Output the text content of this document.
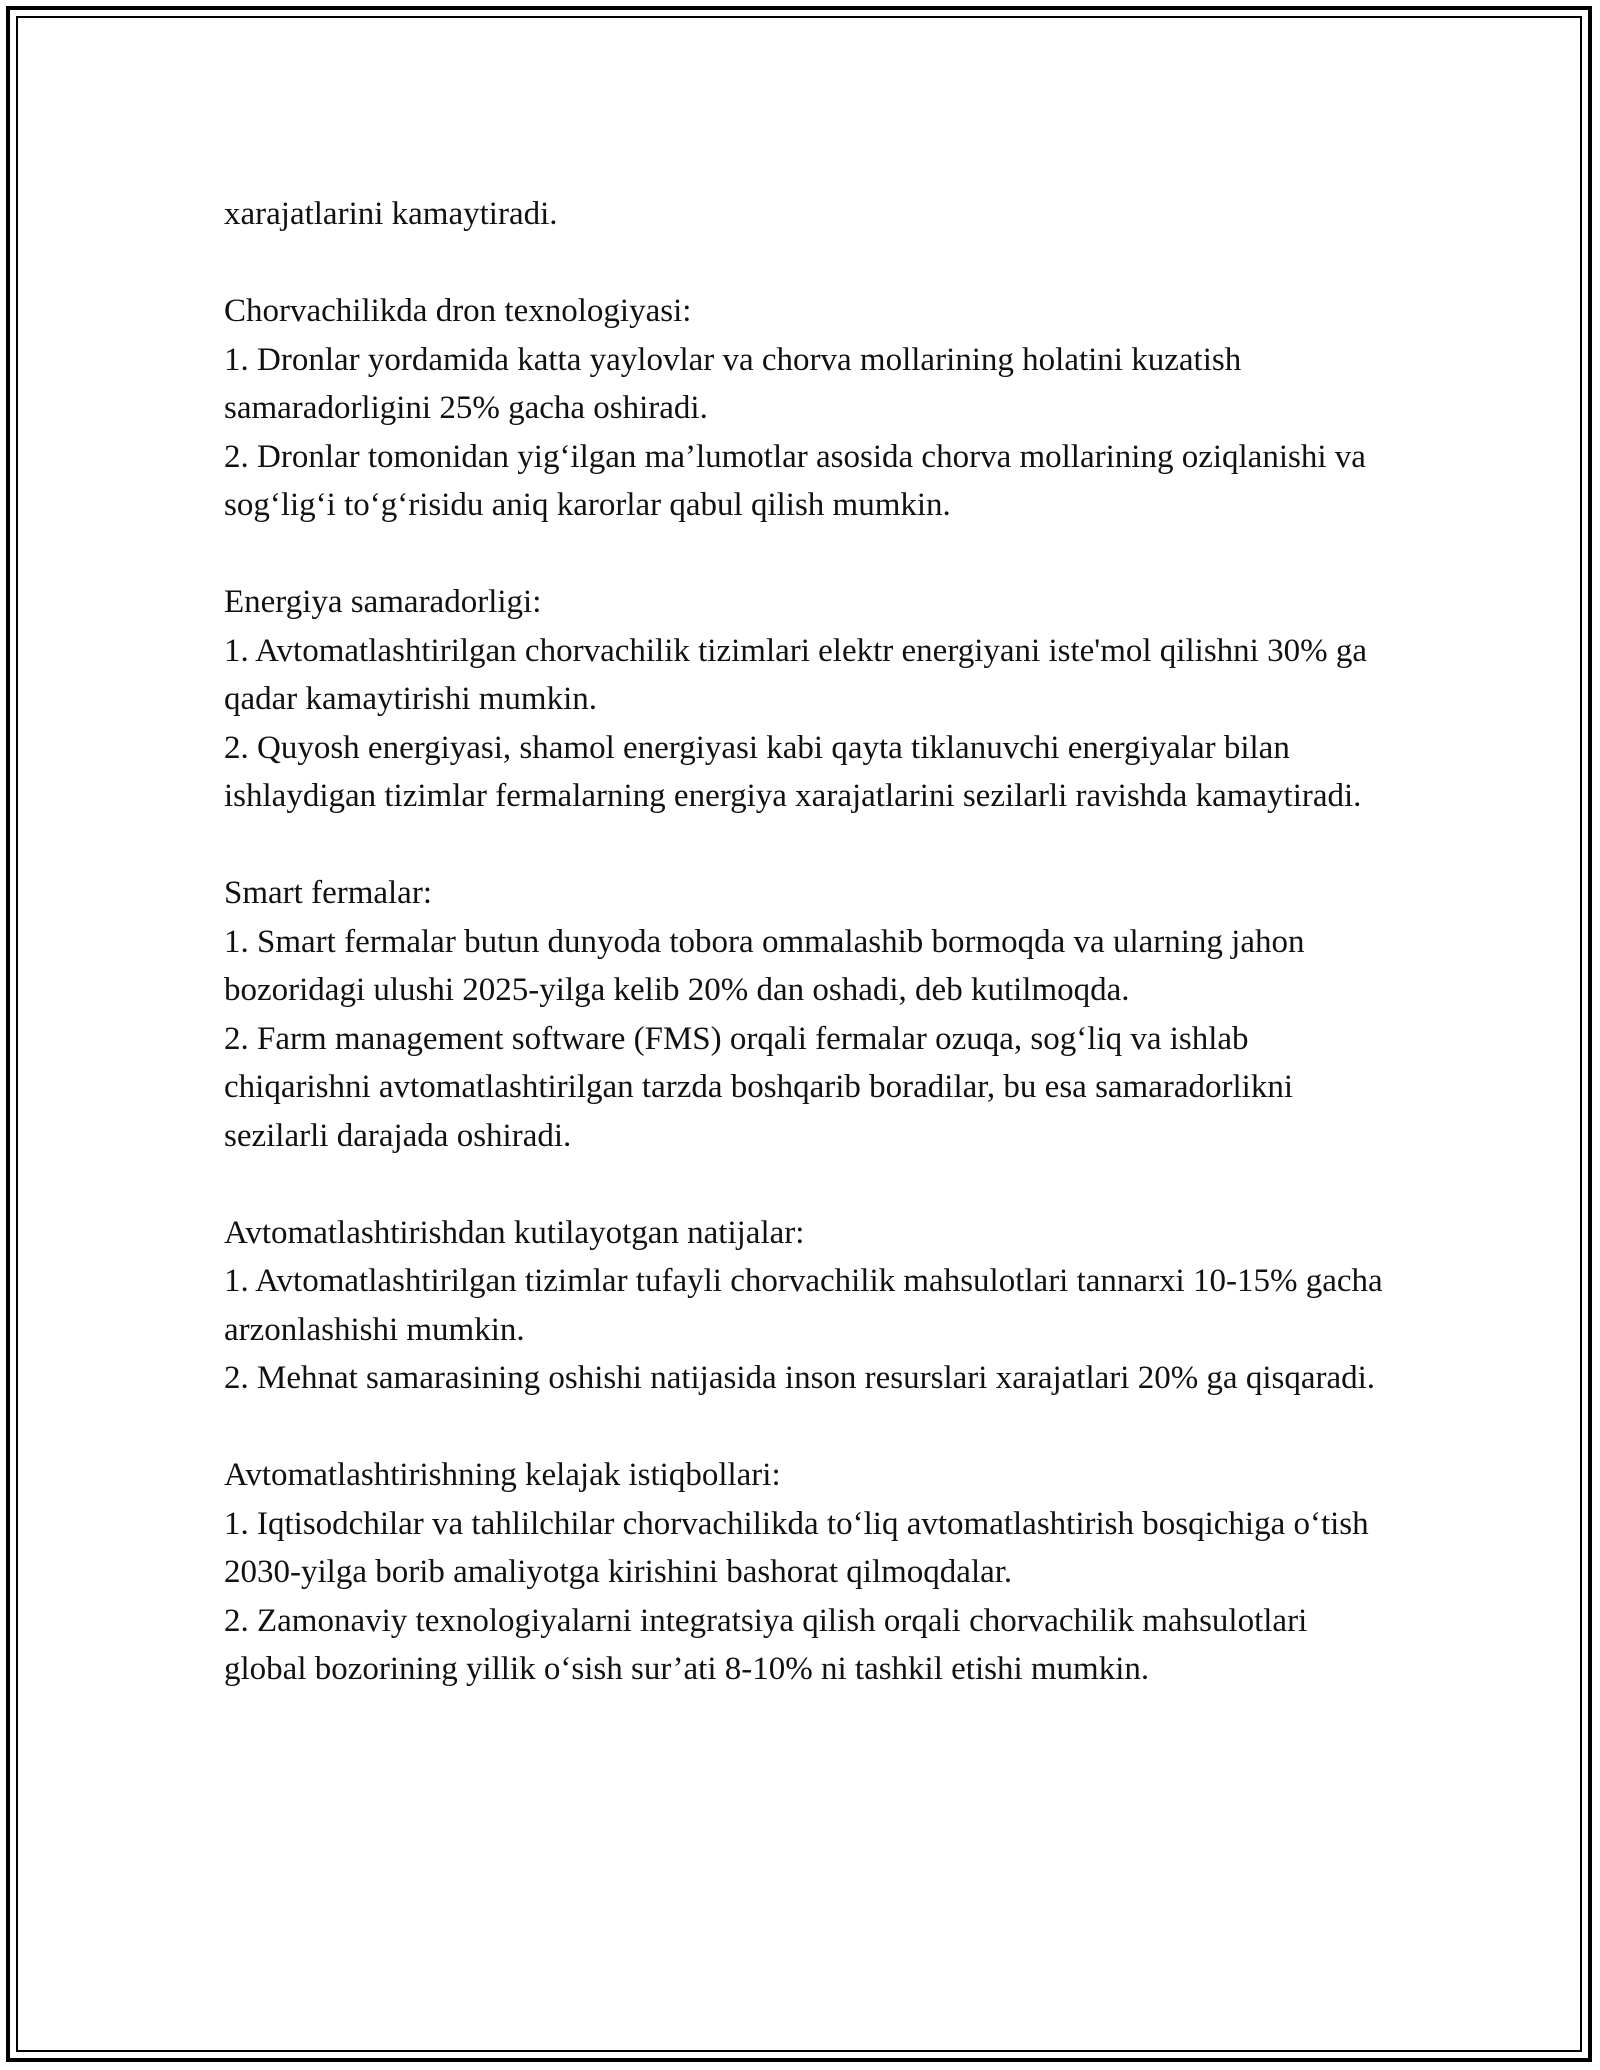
xarajatlarini kamaytiradi.

Chorvachilikda dron texnologiyasi:

1. Dronlar yordamida katta yaylovlar va chorva mollarining holatini kuzatish samaradorligini 25% gacha oshiradi.

2. Dronlar tomonidan yig‘ilgan ma’lumotlar asosida chorva mollarining oziqlanishi va sog‘lig‘i to‘g‘risidu aniq karorlar qabul qilish mumkin.

Energiya samaradorligi:

1. Avtomatlashtirilgan chorvachilik tizimlari elektr energiyani iste'mol qilishni 30% ga qadar kamaytirishi mumkin.

2. Quyosh energiyasi, shamol energiyasi kabi qayta tiklanuvchi energiyalar bilan ishlaydigan tizimlar fermalarning energiya xarajatlarini sezilarli ravishda kamaytiradi.

Smart fermalar:

1. Smart fermalar butun dunyoda tobora ommalashib bormoqda va ularning jahon bozoridagi ulushi 2025-yilga kelib 20% dan oshadi, deb kutilmoqda.

2. Farm management software (FMS) orqali fermalar ozuqa, sog‘liq va ishlab chiqarishni avtomatlashtirilgan tarzda boshqarib boradilar, bu esa samaradorlikni sezilarli darajada oshiradi.

Avtomatlashtirishdan kutilayotgan natijalar:

1. Avtomatlashtirilgan tizimlar tufayli chorvachilik mahsulotlari tannarxi 10-15% gacha arzonlashishi mumkin.

2. Mehnat samarasining oshishi natijasida inson resurslari xarajatlari 20% ga qisqaradi.

Avtomatlashtirishning kelajak istiqbollari:

1. Iqtisodchilar va tahlilchilar chorvachilikda to‘liq avtomatlashtirish bosqichiga o‘tish 2030-yilga borib amaliyotga kirishini bashorat qilmoqdalar.

2. Zamonaviy texnologiyalarni integratsiya qilish orqali chorvachilik mahsulotlari global bozorining yillik o‘sish sur’ati 8-10% ni tashkil etishi mumkin.
